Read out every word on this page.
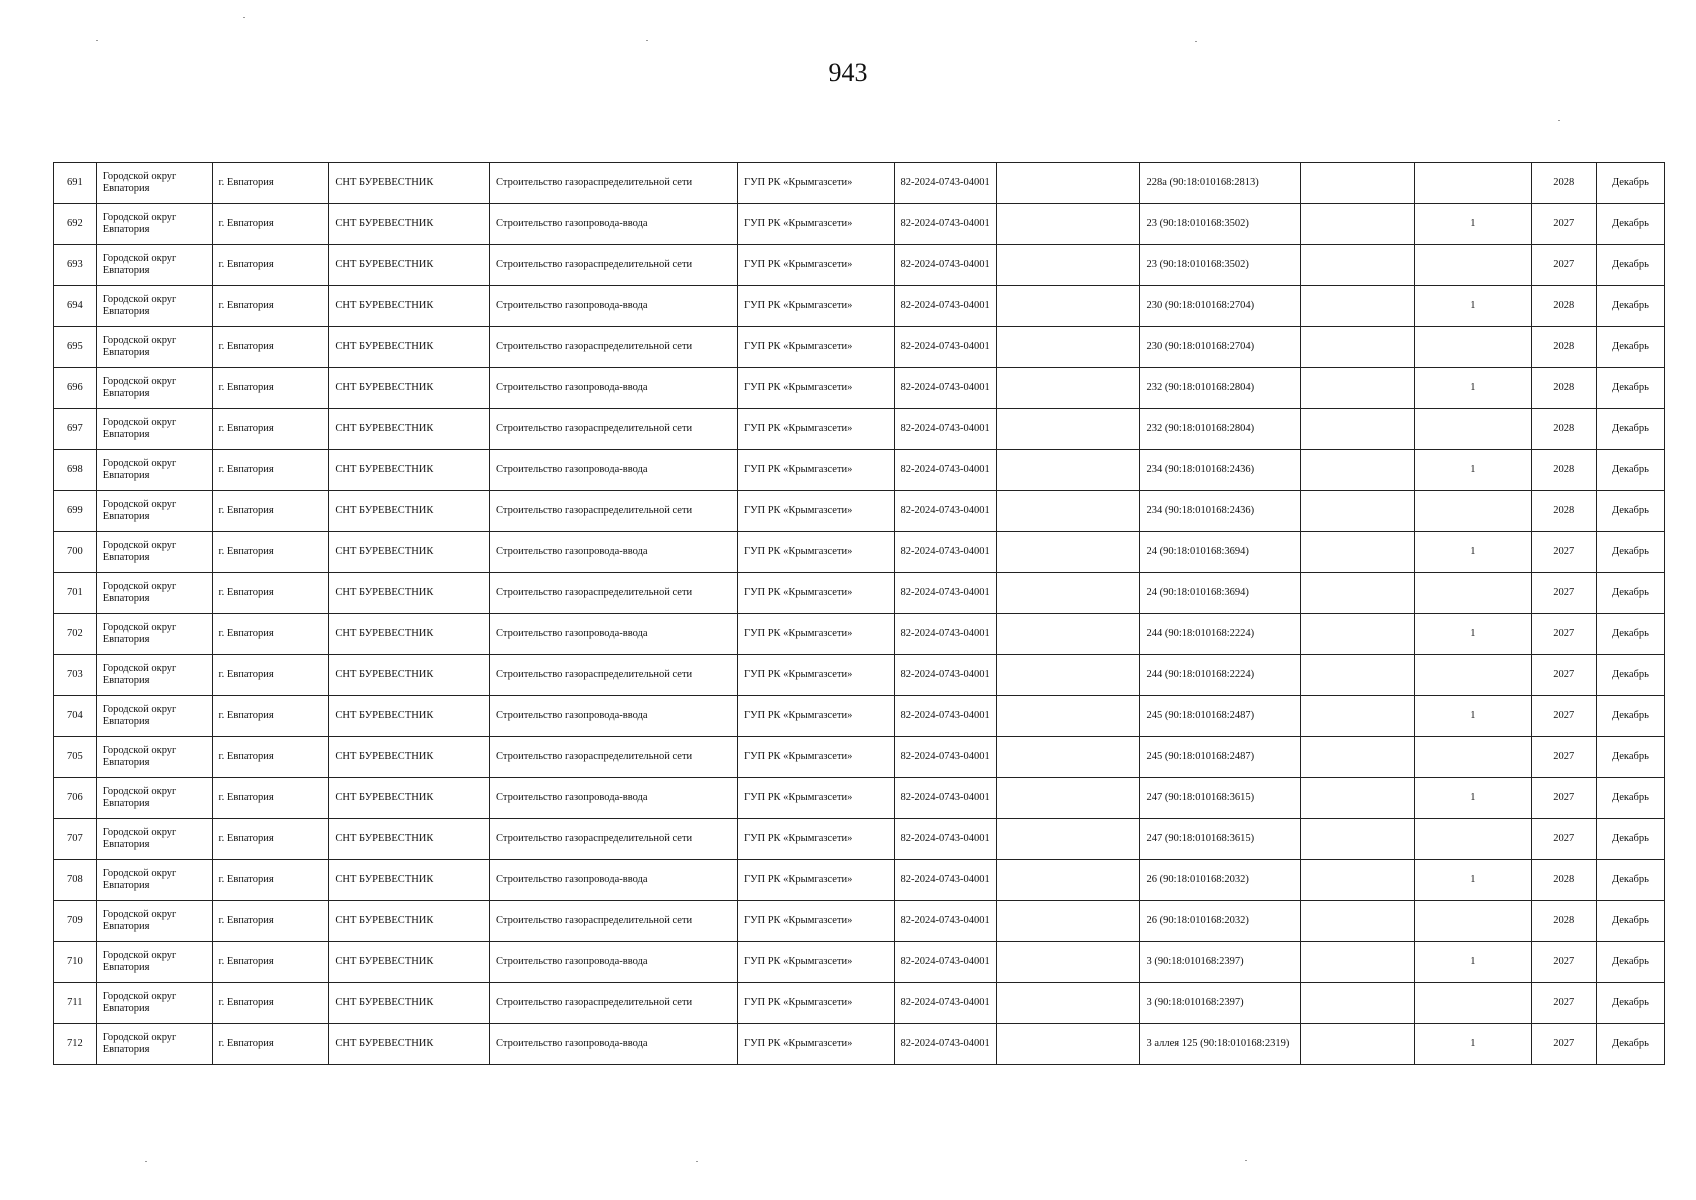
943
691	Городской округ Евпатория	г. Евпатория	СНТ БУРЕВЕСТНИК	Строительство газораспределительной сети	ГУП РК «Крымгазсети»	82-2024-0743-04001		228а (90:18:010168:2813)			2028	Декабрь
692	Городской округ Евпатория	г. Евпатория	СНТ БУРЕВЕСТНИК	Строительство газопровода-ввода	ГУП РК «Крымгазсети»	82-2024-0743-04001		23 (90:18:010168:3502)		1	2027	Декабрь
693	Городской округ Евпатория	г. Евпатория	СНТ БУРЕВЕСТНИК	Строительство газораспределительной сети	ГУП РК «Крымгазсети»	82-2024-0743-04001		23 (90:18:010168:3502)			2027	Декабрь
694	Городской округ Евпатория	г. Евпатория	СНТ БУРЕВЕСТНИК	Строительство газопровода-ввода	ГУП РК «Крымгазсети»	82-2024-0743-04001		230 (90:18:010168:2704)		1	2028	Декабрь
695	Городской округ Евпатория	г. Евпатория	СНТ БУРЕВЕСТНИК	Строительство газораспределительной сети	ГУП РК «Крымгазсети»	82-2024-0743-04001		230 (90:18:010168:2704)			2028	Декабрь
696	Городской округ Евпатория	г. Евпатория	СНТ БУРЕВЕСТНИК	Строительство газопровода-ввода	ГУП РК «Крымгазсети»	82-2024-0743-04001		232 (90:18:010168:2804)		1	2028	Декабрь
697	Городской округ Евпатория	г. Евпатория	СНТ БУРЕВЕСТНИК	Строительство газораспределительной сети	ГУП РК «Крымгазсети»	82-2024-0743-04001		232 (90:18:010168:2804)			2028	Декабрь
698	Городской округ Евпатория	г. Евпатория	СНТ БУРЕВЕСТНИК	Строительство газопровода-ввода	ГУП РК «Крымгазсети»	82-2024-0743-04001		234 (90:18:010168:2436)		1	2028	Декабрь
699	Городской округ Евпатория	г. Евпатория	СНТ БУРЕВЕСТНИК	Строительство газораспределительной сети	ГУП РК «Крымгазсети»	82-2024-0743-04001		234 (90:18:010168:2436)			2028	Декабрь
700	Городской округ Евпатория	г. Евпатория	СНТ БУРЕВЕСТНИК	Строительство газопровода-ввода	ГУП РК «Крымгазсети»	82-2024-0743-04001		24 (90:18:010168:3694)		1	2027	Декабрь
701	Городской округ Евпатория	г. Евпатория	СНТ БУРЕВЕСТНИК	Строительство газораспределительной сети	ГУП РК «Крымгазсети»	82-2024-0743-04001		24 (90:18:010168:3694)			2027	Декабрь
702	Городской округ Евпатория	г. Евпатория	СНТ БУРЕВЕСТНИК	Строительство газопровода-ввода	ГУП РК «Крымгазсети»	82-2024-0743-04001		244 (90:18:010168:2224)		1	2027	Декабрь
703	Городской округ Евпатория	г. Евпатория	СНТ БУРЕВЕСТНИК	Строительство газораспределительной сети	ГУП РК «Крымгазсети»	82-2024-0743-04001		244 (90:18:010168:2224)			2027	Декабрь
704	Городской округ Евпатория	г. Евпатория	СНТ БУРЕВЕСТНИК	Строительство газопровода-ввода	ГУП РК «Крымгазсети»	82-2024-0743-04001		245 (90:18:010168:2487)		1	2027	Декабрь
705	Городской округ Евпатория	г. Евпатория	СНТ БУРЕВЕСТНИК	Строительство газораспределительной сети	ГУП РК «Крымгазсети»	82-2024-0743-04001		245 (90:18:010168:2487)			2027	Декабрь
706	Городской округ Евпатория	г. Евпатория	СНТ БУРЕВЕСТНИК	Строительство газопровода-ввода	ГУП РК «Крымгазсети»	82-2024-0743-04001		247 (90:18:010168:3615)		1	2027	Декабрь
707	Городской округ Евпатория	г. Евпатория	СНТ БУРЕВЕСТНИК	Строительство газораспределительной сети	ГУП РК «Крымгазсети»	82-2024-0743-04001		247 (90:18:010168:3615)			2027	Декабрь
708	Городской округ Евпатория	г. Евпатория	СНТ БУРЕВЕСТНИК	Строительство газопровода-ввода	ГУП РК «Крымгазсети»	82-2024-0743-04001		26 (90:18:010168:2032)		1	2028	Декабрь
709	Городской округ Евпатория	г. Евпатория	СНТ БУРЕВЕСТНИК	Строительство газораспределительной сети	ГУП РК «Крымгазсети»	82-2024-0743-04001		26 (90:18:010168:2032)			2028	Декабрь
710	Городской округ Евпатория	г. Евпатория	СНТ БУРЕВЕСТНИК	Строительство газопровода-ввода	ГУП РК «Крымгазсети»	82-2024-0743-04001		3 (90:18:010168:2397)		1	2027	Декабрь
711	Городской округ Евпатория	г. Евпатория	СНТ БУРЕВЕСТНИК	Строительство газораспределительной сети	ГУП РК «Крымгазсети»	82-2024-0743-04001		3 (90:18:010168:2397)			2027	Декабрь
712	Городской округ Евпатория	г. Евпатория	СНТ БУРЕВЕСТНИК	Строительство газопровода-ввода	ГУП РК «Крымгазсети»	82-2024-0743-04001		3 аллея 125 (90:18:010168:2319)		1	2027	Декабрь
